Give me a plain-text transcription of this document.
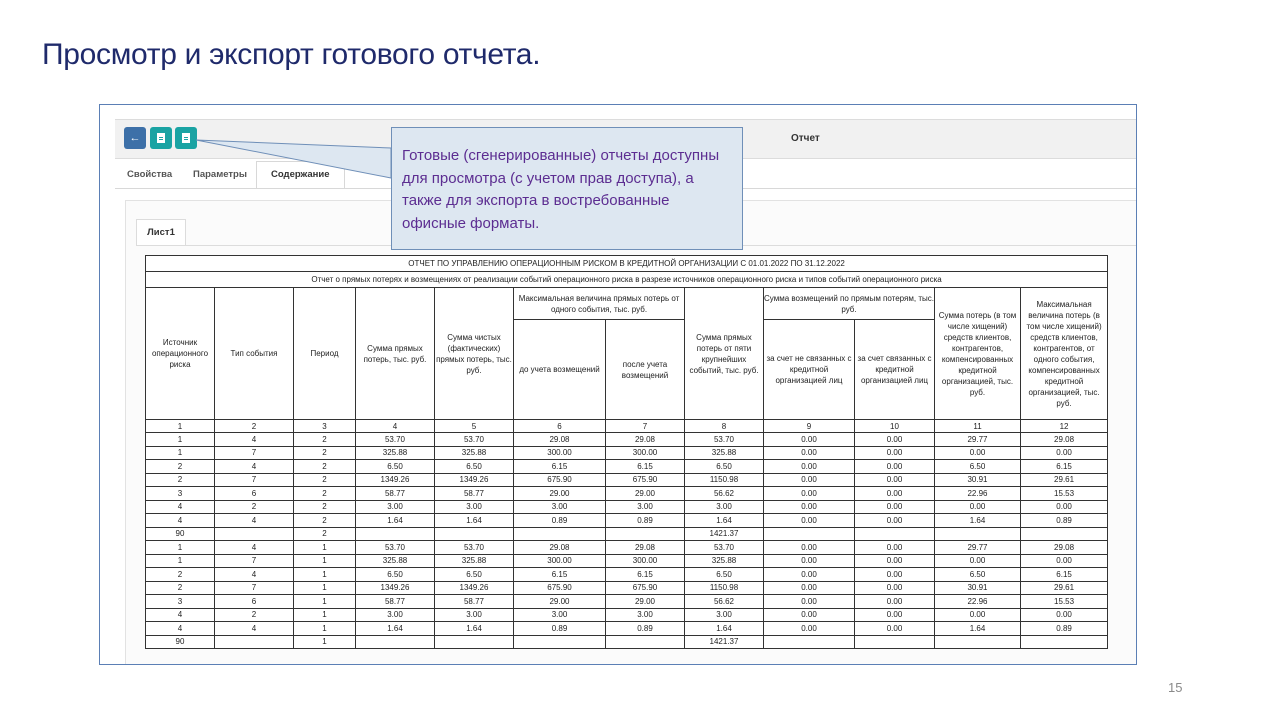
Просмотр и экспорт готового отчета.
←	Отчет
Свойства Параметры	Содержание
Лист1
ОТЧЕТ ПО УПРАВЛЕНИЮ ОПЕРАЦИОННЫМ РИСКОМ В КРЕДИТНОЙ ОРГАНИЗАЦИИ С 01.01.2022 ПО 31.12.2022											
Отчет о прямых потерях и возмещениях от реализации событий операционного риска в разрезе источников операционного риска и типов событий операционного риска											
Источник операционного риска	Тип события	Период	Сумма прямых потерь, тыс. руб.	Сумма чистых (фактических) прямых потерь, тыс. руб.	Максимальная величина прямых потерь от одного события, тыс. руб.		Сумма прямых потерь от пяти крупнейших событий, тыс. руб.	Сумма возмещений по прямым потерям, тыс. руб.		Сумма потерь (в том числе хищений) средств клиентов, контрагентов, компенсированных кредитной организацией, тыс. руб.	Максимальная величина потерь (в том числе хищений) средств клиентов, контрагентов, от одного события, компенсированных кредитной организацией, тыс. руб.
					до учета возмещений	после учета возмещений		за счет не связанных с кредитной организацией лиц	за счет связанных с кредитной организацией лиц		
1	2	3	4	5	6	7	8	9	10	11	12
1	4	2	53.70	53.70	29.08	29.08	53.70	0.00	0.00	29.77	29.08
1	7	2	325.88	325.88	300.00	300.00	325.88	0.00	0.00	0.00	0.00
2	4	2	6.50	6.50	6.15	6.15	6.50	0.00	0.00	6.50	6.15
2	7	2	1349.26	1349.26	675.90	675.90	1150.98	0.00	0.00	30.91	29.61
3	6	2	58.77	58.77	29.00	29.00	56.62	0.00	0.00	22.96	15.53
4	2	2	3.00	3.00	3.00	3.00	3.00	0.00	0.00	0.00	0.00
4	4	2	1.64	1.64	0.89	0.89	1.64	0.00	0.00	1.64	0.89
90		2					1421.37				
1	4	1	53.70	53.70	29.08	29.08	53.70	0.00	0.00	29.77	29.08
1	7	1	325.88	325.88	300.00	300.00	325.88	0.00	0.00	0.00	0.00
2	4	1	6.50	6.50	6.15	6.15	6.50	0.00	0.00	6.50	6.15
2	7	1	1349.26	1349.26	675.90	675.90	1150.98	0.00	0.00	30.91	29.61
3	6	1	58.77	58.77	29.00	29.00	56.62	0.00	0.00	22.96	15.53
4	2	1	3.00	3.00	3.00	3.00	3.00	0.00	0.00	0.00	0.00
4	4	1	1.64	1.64	0.89	0.89	1.64	0.00	0.00	1.64	0.89
90		1					1421.37				
Готовые (сгенерированные) отчеты доступны для просмотра (с учетом прав доступа), а также для экспорта в востребованные офисные форматы.
15
